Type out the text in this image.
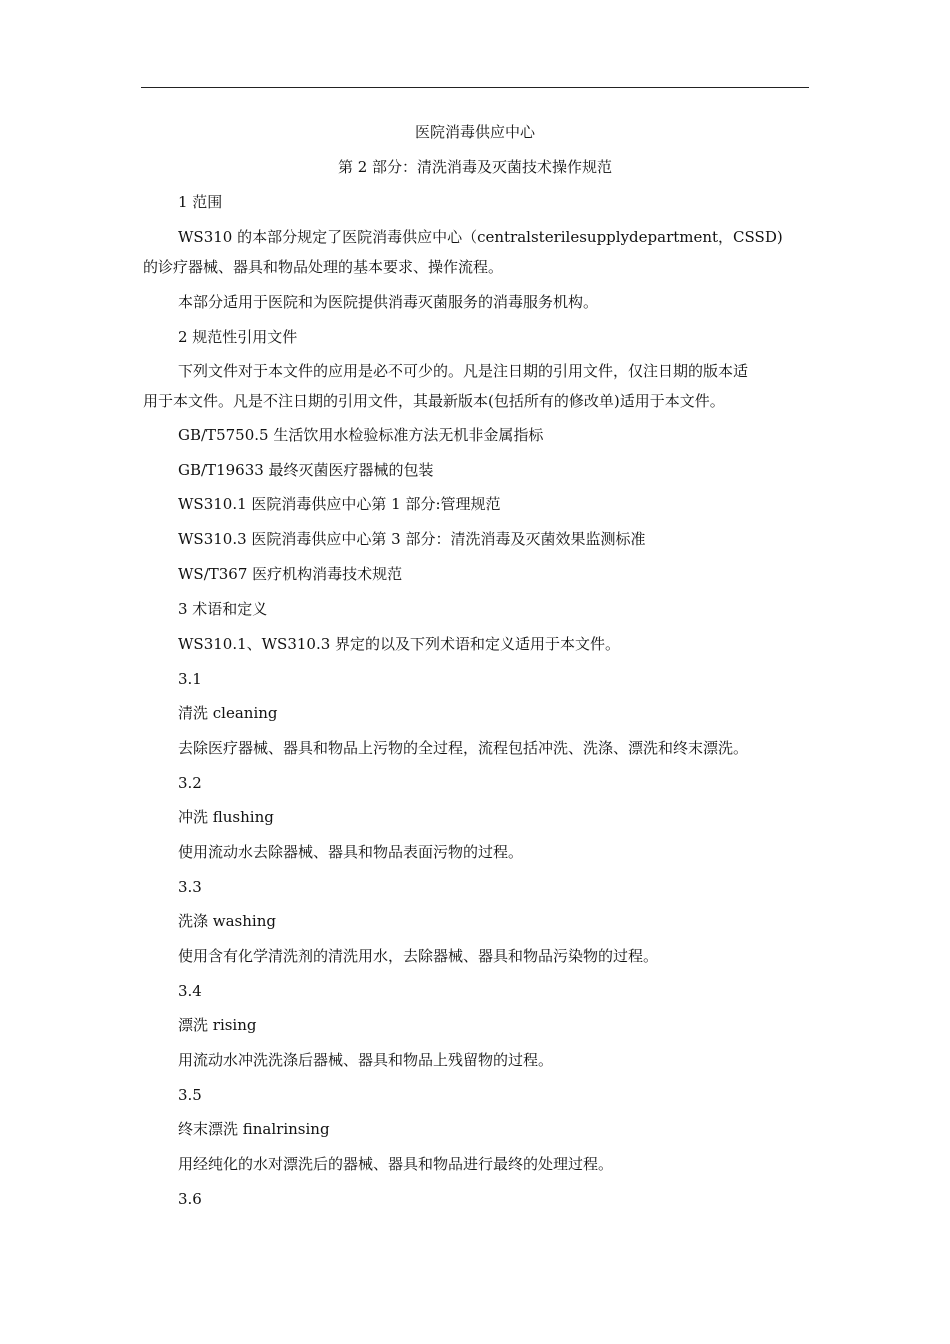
医院消毒供应中心
第 2 部分：清洗消毒及灭菌技术操作规范
1 范围
WS310 的本部分规定了医院消毒供应中心（centralsterilesupplydepartment，CSSD)
的诊疗器械、器具和物品处理的基本要求、操作流程。
本部分适用于医院和为医院提供消毒灭菌服务的消毒服务机构。
2 规范性引用文件
下列文件对于本文件的应用是必不可少的。凡是注日期的引用文件，仅注日期的版本适
用于本文件。凡是不注日期的引用文件，其最新版本(包括所有的修改单)适用于本文件。
GB/T5750.5 生活饮用水检验标准方法无机非金属指标
GB/T19633 最终灭菌医疗器械的包装
WS310.1 医院消毒供应中心第 1 部分:管理规范
WS310.3 医院消毒供应中心第 3 部分：清洗消毒及灭菌效果监测标准
WS/T367 医疗机构消毒技术规范
3 术语和定义
WS310.1、WS310.3 界定的以及下列术语和定义适用于本文件。
3.1
清洗 cleaning
去除医疗器械、器具和物品上污物的全过程，流程包括冲洗、洗涤、漂洗和终末漂洗。
3.2
冲洗 flushing
使用流动水去除器械、器具和物品表面污物的过程。
3.3
洗涤 washing
使用含有化学清洗剂的清洗用水，去除器械、器具和物品污染物的过程。
3.4
漂洗 rising
用流动水冲洗洗涤后器械、器具和物品上残留物的过程。
3.5
终末漂洗 finalrinsing
用经纯化的水对漂洗后的器械、器具和物品进行最终的处理过程。
3.6
